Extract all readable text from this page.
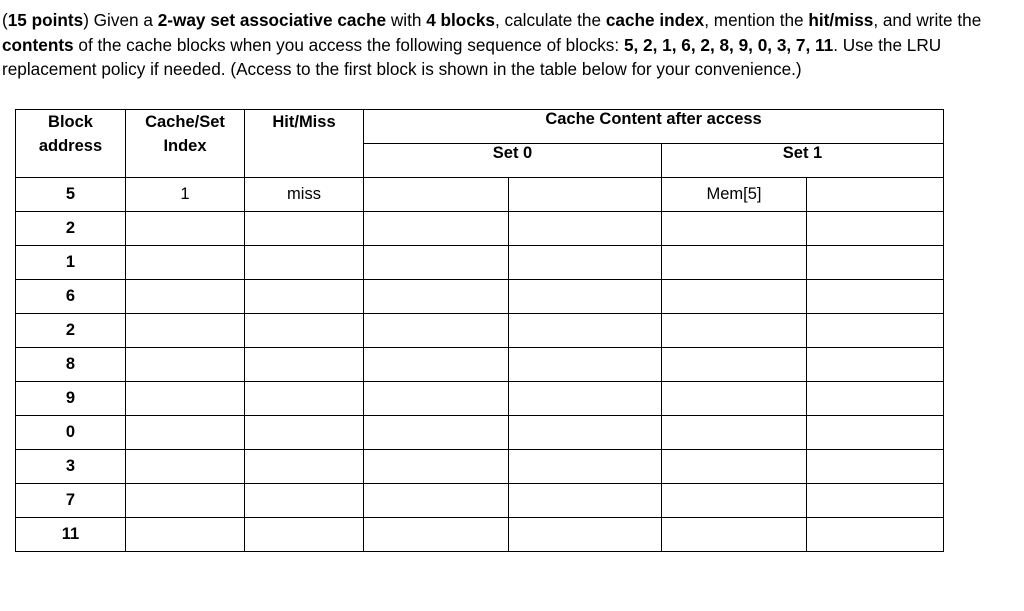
(15 points) Given a 2-way set associative cache with 4 blocks, calculate the cache index, mention the hit/miss, and write the contents of the cache blocks when you access the following sequence of blocks: 5, 2, 1, 6, 2, 8, 9, 0, 3, 7, 11. Use the LRU replacement policy if needed. (Access to the first block is shown in the table below for your convenience.)

Block address	Cache/Set Index	Hit/Miss	Cache Content after access			
			Set 0		Set 1	
5	1	miss			Mem[5]	
2						
1						
6						
2						
8						
9						
0						
3						
7						
11						
